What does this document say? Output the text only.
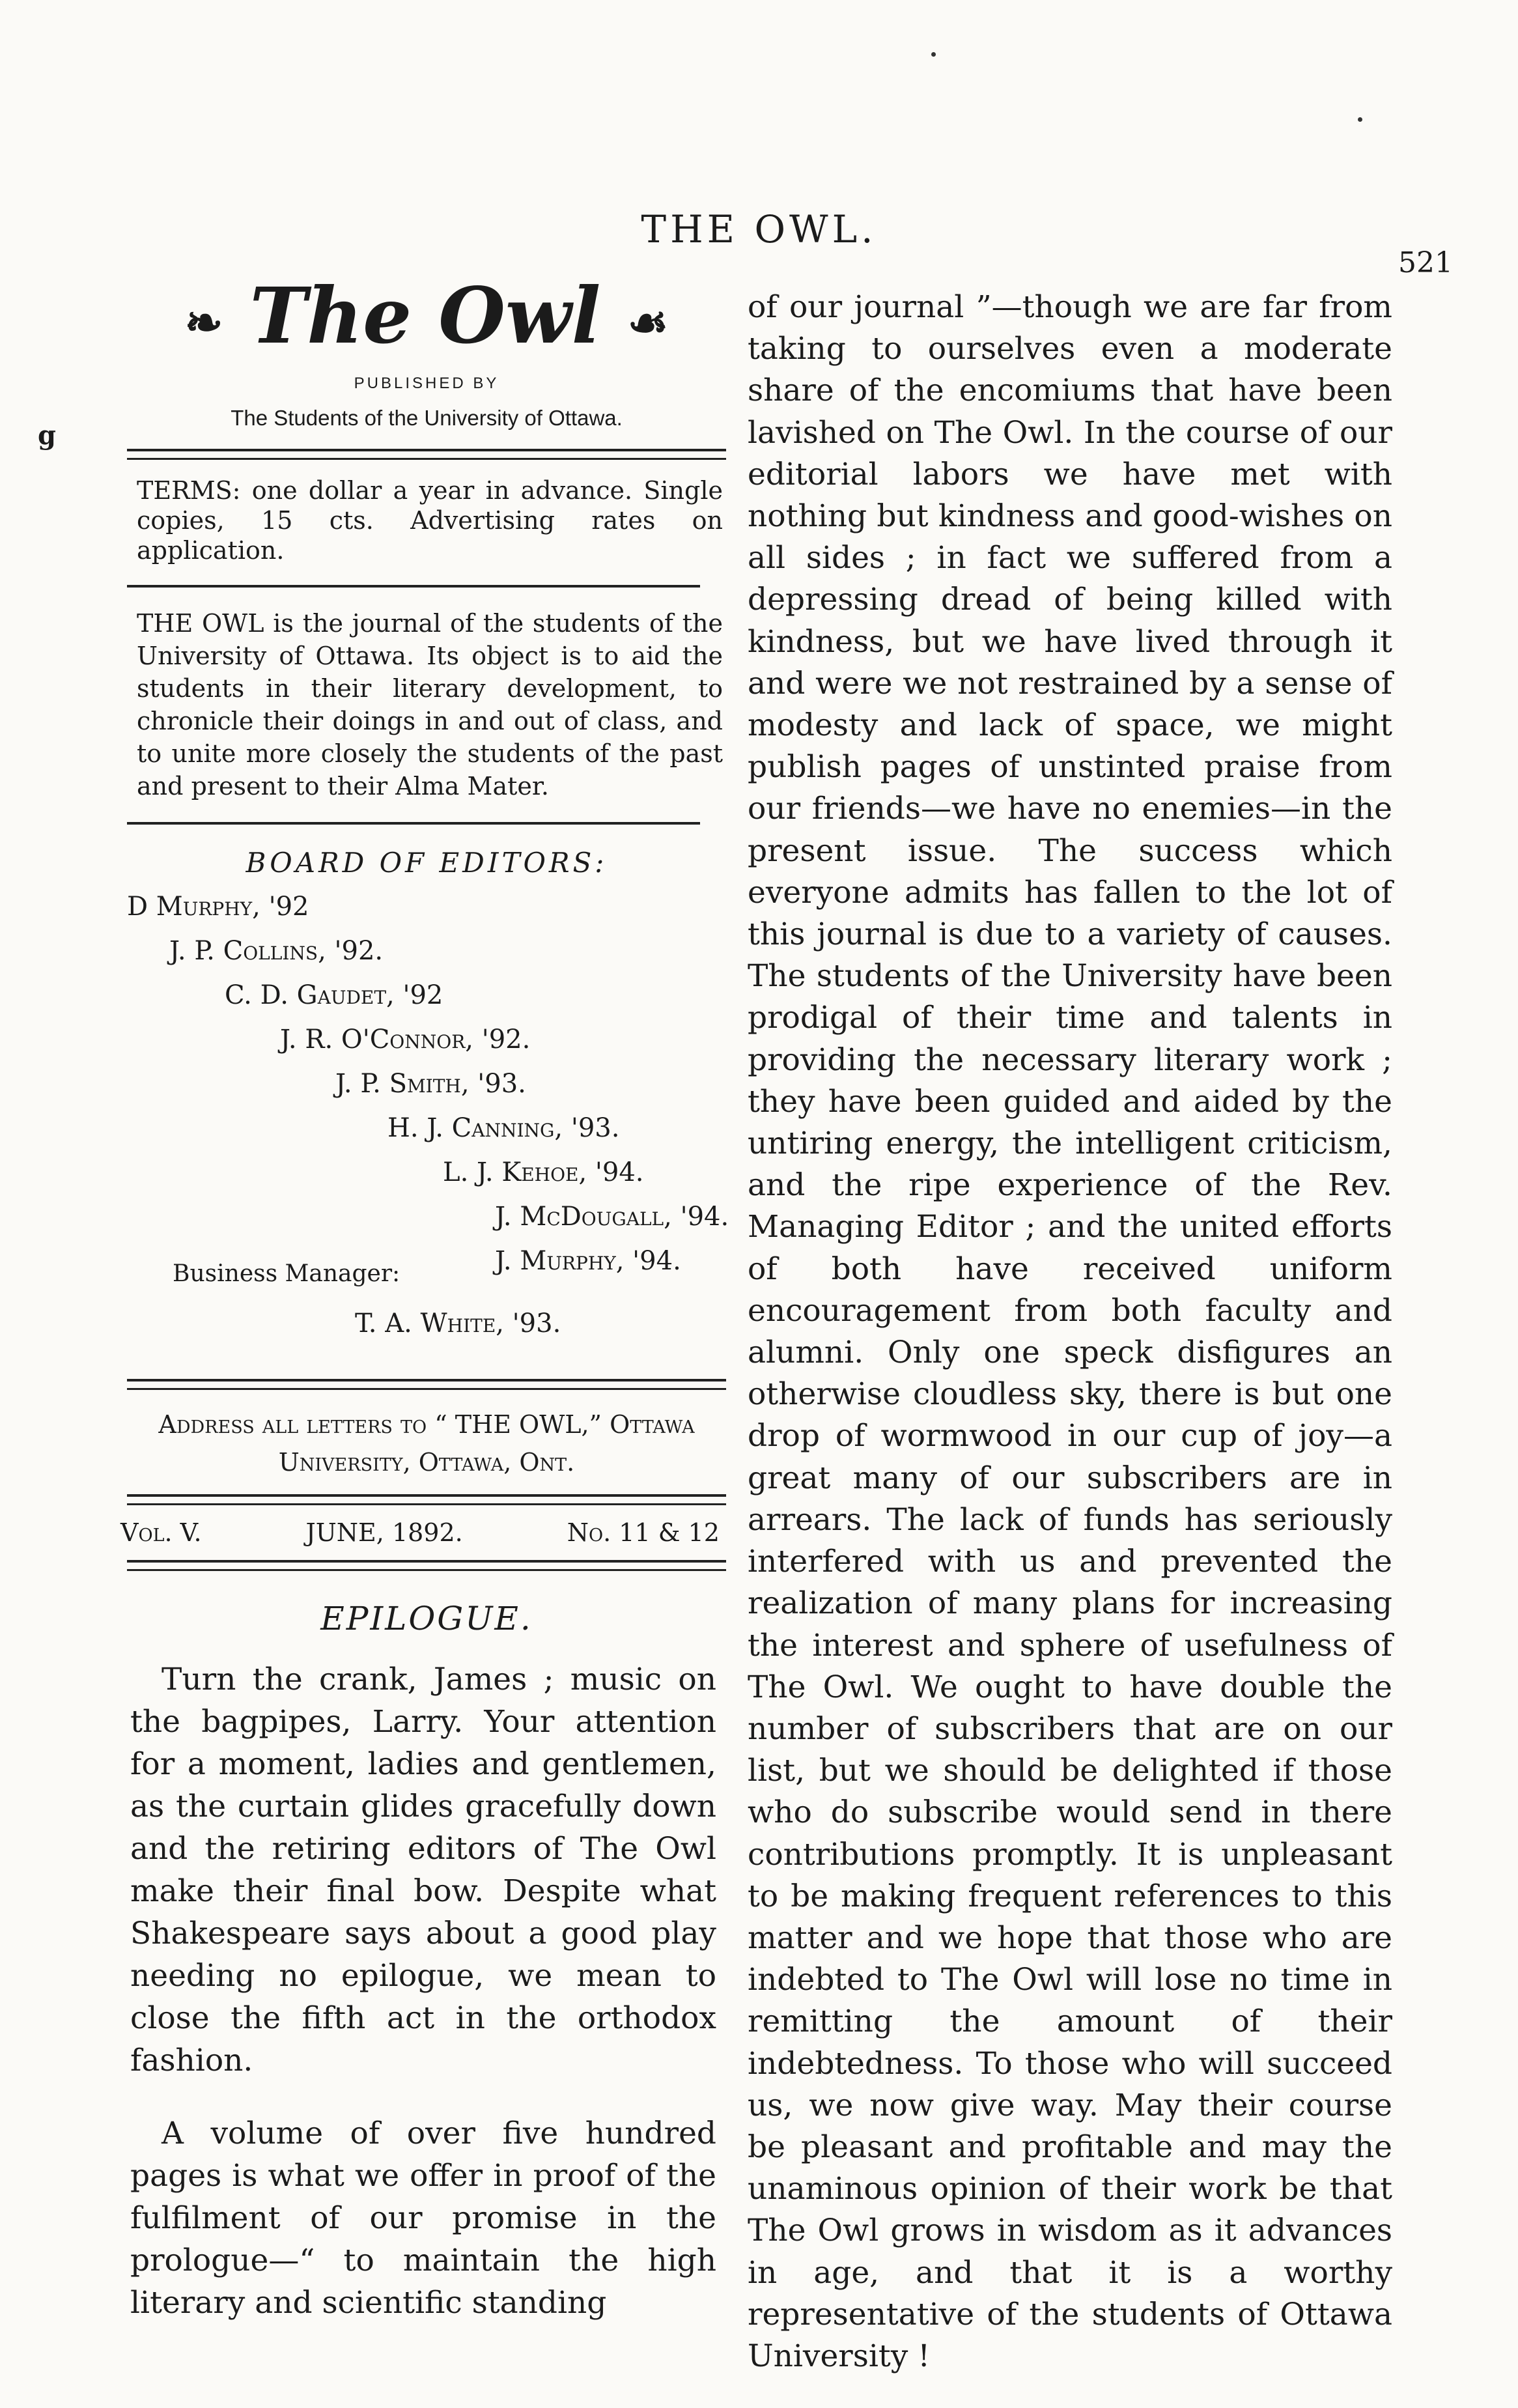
THE OWL.
521
g
❧ The Owl ☙
PUBLISHED BY
The Students of the University of Ottawa.
TERMS: one dollar a year in advance. Single copies, 15 cts. Advertising rates on application.
THE OWL is the journal of the students of the University of Ottawa. Its object is to aid the students in their literary development, to chronicle their doings in and out of class, and to unite more closely the students of the past and present to their Alma Mater.
BOARD OF EDITORS:
D Murphy, '92
J. P. Collins, '92.
C. D. Gaudet, '92
J. R. O'Connor, '92.
J. P. Smith, '93.
H. J. Canning, '93.
L. J. Kehoe, '94.
J. McDougall, '94.
J. Murphy, '94.
Business Manager:
T. A. White, '93.
Address all letters to “ THE OWL,” Ottawa
University, Ottawa, Ont.
Vol. V.	JUNE, 1892.	No. 11 & 12
EPILOGUE.

Turn the crank, James ; music on the bagpipes, Larry. Your attention for a moment, ladies and gentlemen, as the curtain glides gracefully down and the retiring editors of The Owl make their final bow. Despite what Shakespeare says about a good play needing no epilogue, we mean to close the fifth act in the orthodox fashion.

A volume of over five hundred pages is what we offer in proof of the fulfilment of our promise in the prologue—“ to maintain the high literary and scientific standing

of our journal ”—though we are far from taking to ourselves even a moderate share of the encomiums that have been lavished on The Owl. In the course of our editorial labors we have met with nothing but kindness and good-wishes on all sides ; in fact we suffered from a depressing dread of being killed with kindness, but we have lived through it and were we not restrained by a sense of modesty and lack of space, we might publish pages of unstinted praise from our friends—we have no enemies—in the present issue. The success which everyone admits has fallen to the lot of this journal is due to a variety of causes. The students of the University have been prodigal of their time and talents in providing the necessary literary work ; they have been guided and aided by the untiring energy, the intelligent criticism, and the ripe experience of the Rev. Managing Editor ; and the united efforts of both have received uniform encouragement from both faculty and alumni. Only one speck disfigures an otherwise cloudless sky, there is but one drop of wormwood in our cup of joy—a great many of our subscribers are in arrears. The lack of funds has seriously interfered with us and prevented the realization of many plans for increasing the interest and sphere of usefulness of The Owl. We ought to have double the number of subscribers that are on our list, but we should be delighted if those who do subscribe would send in there contributions promptly. It is unpleasant to be making frequent references to this matter and we hope that those who are indebted to The Owl will lose no time in remitting the amount of their indebtedness. To those who will succeed us, we now give way. May their course be pleasant and profitable and may the unaminous opinion of their work be that The Owl grows in wisdom as it advances in age, and that it is a worthy representative of the students of Ottawa University !
